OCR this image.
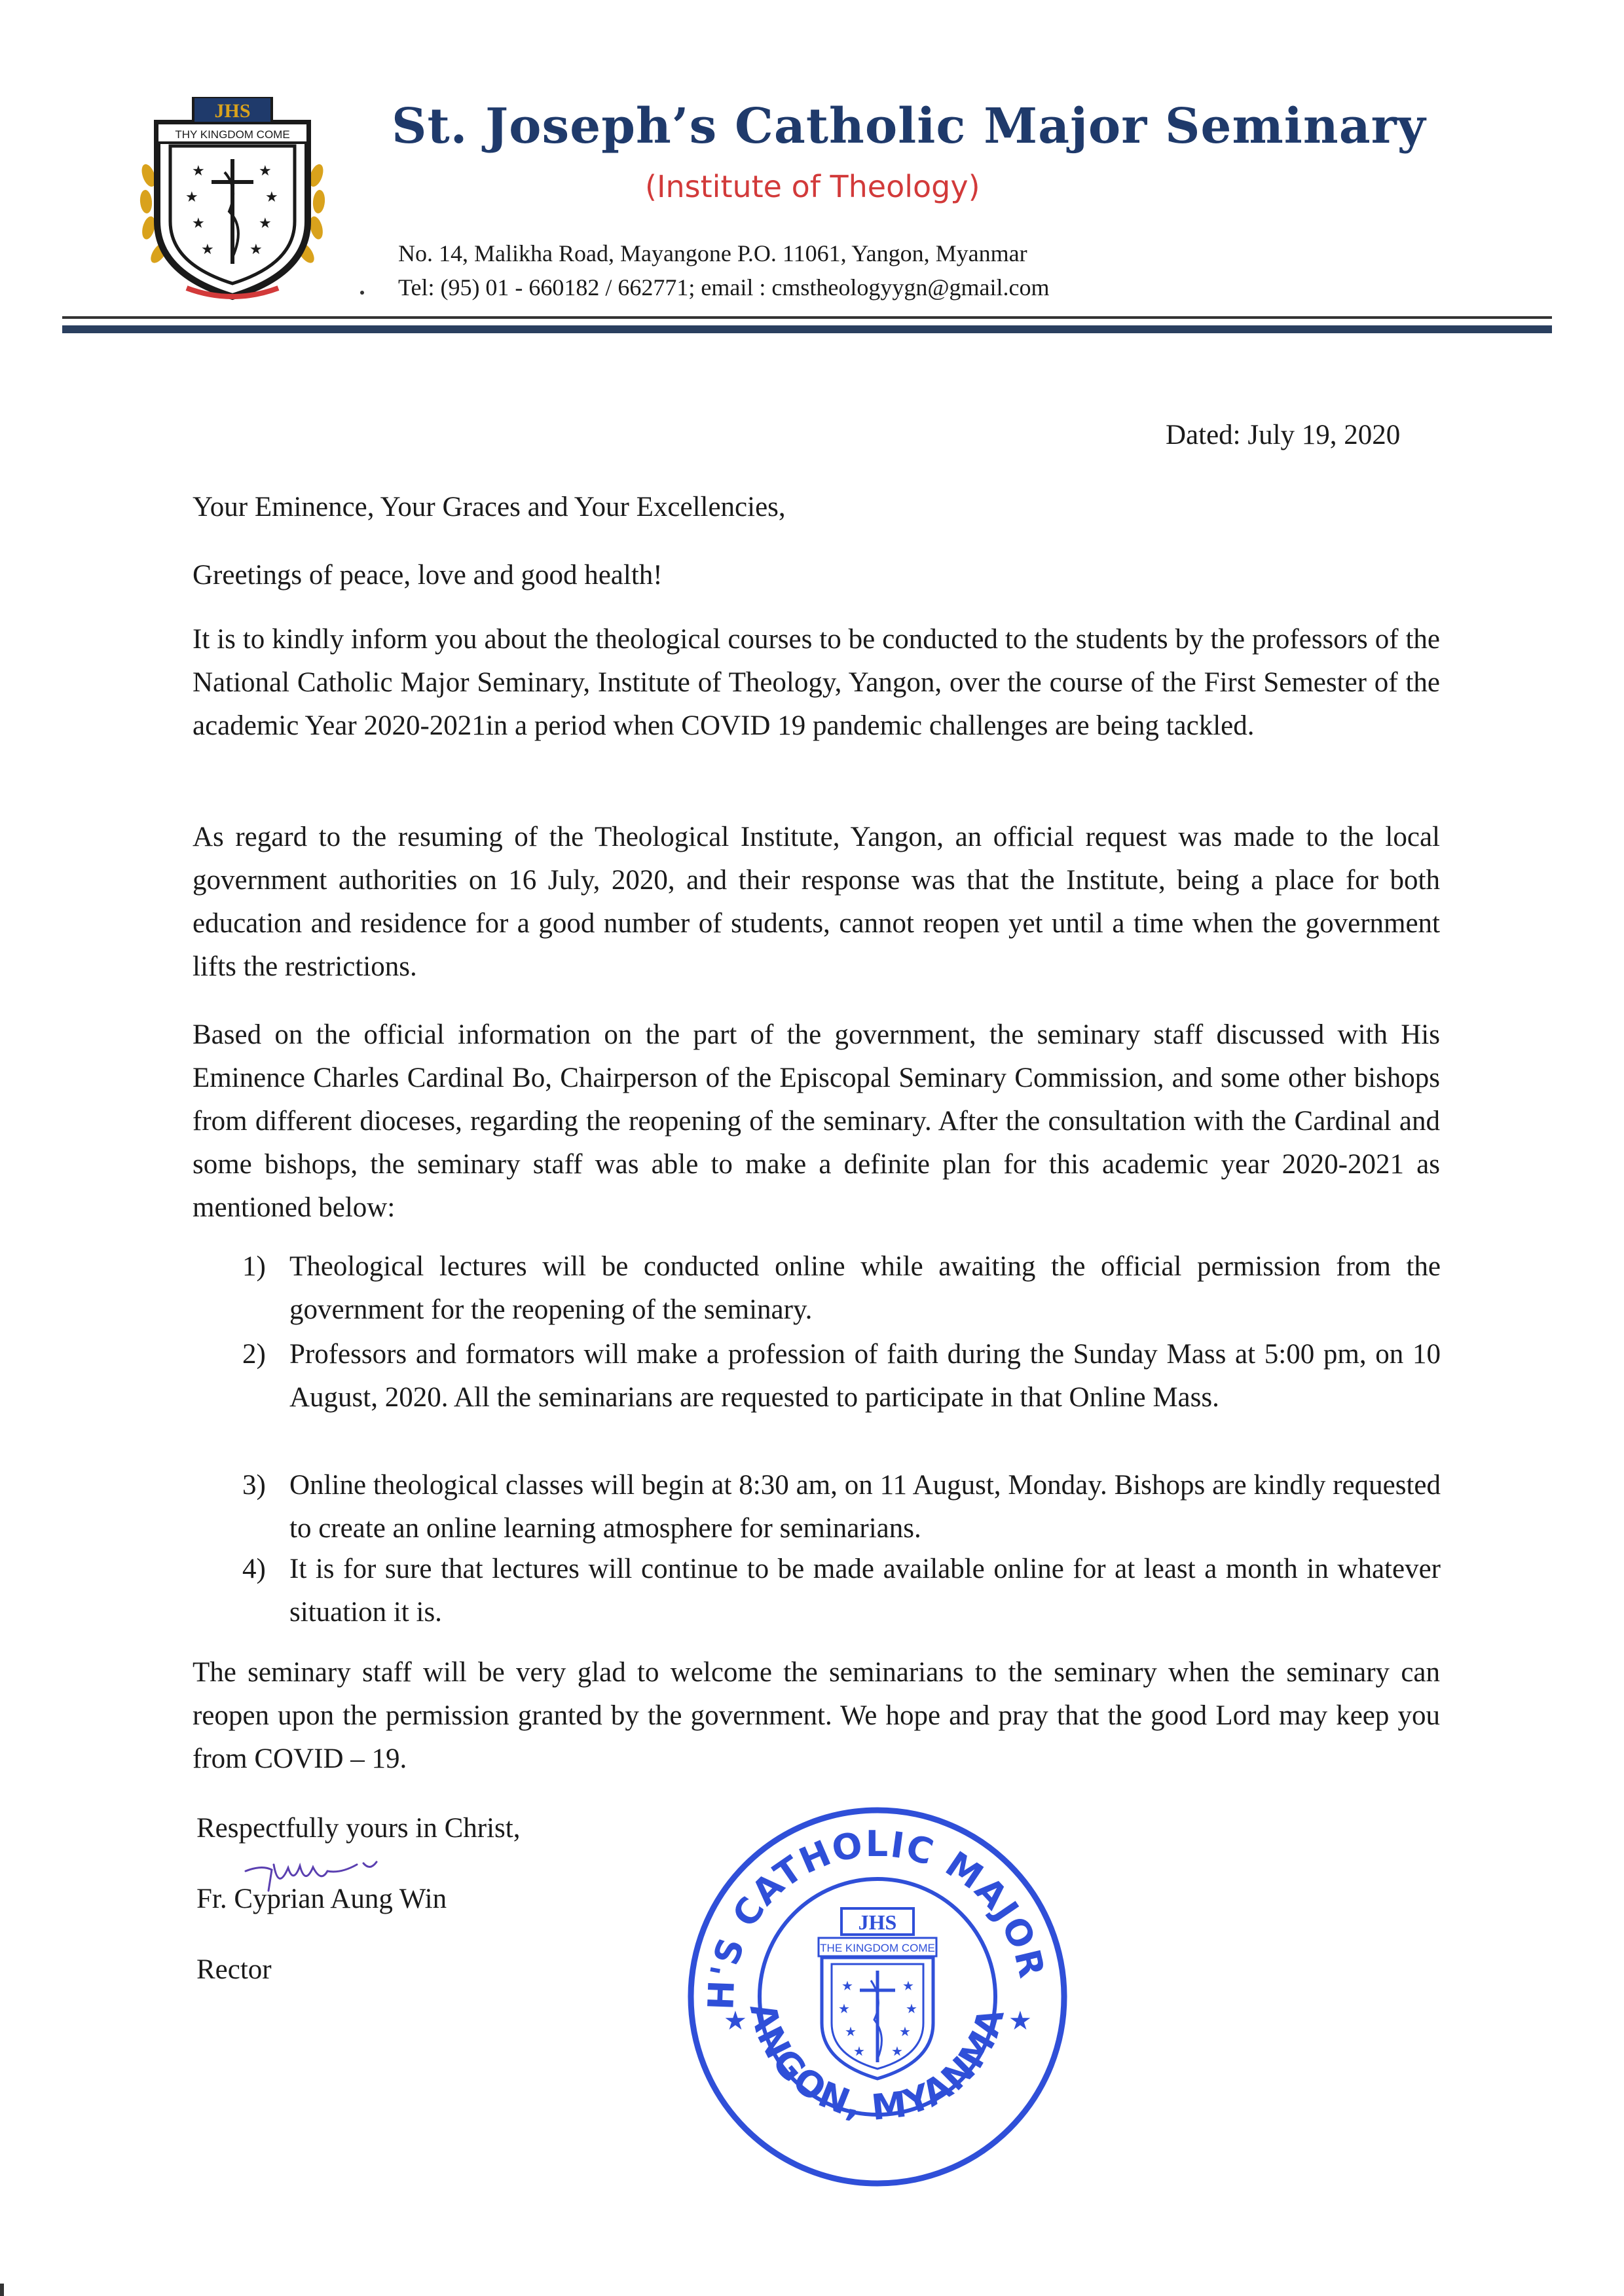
JHS
THY KINGDOM COME
★
★
★
★
★
★
★
★
St. Joseph’s Catholic Major Seminary
(Institute of Theology)
No. 14, Malikha Road, Mayangone P.O. 11061, Yangon, Myanmar
Tel: (95) 01 - 660182 / 662771; email : cmstheologyygn@gmail.com
Dated: July 19, 2020
Your Eminence, Your Graces and Your Excellencies,
Greetings of peace, love and good health!
It is to kindly inform you about the theological courses to be conducted to the students by the professors of the National Catholic Major Seminary, Institute of Theology, Yangon, over the course of the First Semester of the academic Year 2020-2021in a period when COVID 19 pandemic challenges are being tackled.
As regard to the resuming of the Theological Institute, Yangon, an official request was made to the local government authorities on 16 July, 2020, and their response was that the Institute, being a place for both education and residence for a good number of students, cannot reopen yet until a time when the government lifts the restrictions.
Based on the official information on the part of the government, the seminary staff discussed with His Eminence Charles Cardinal Bo, Chairperson of the Episcopal Seminary Commission, and some other bishops from different dioceses, regarding the reopening of the seminary. After the consultation with the Cardinal and some bishops, the seminary staff was able to make a definite plan for this academic year 2020-2021 as mentioned below:
1) Theological lectures will be conducted online while awaiting the official permission from the government for the reopening of the seminary.
2) Professors and formators will make a profession of faith during the Sunday Mass at 5:00 pm, on 10 August, 2020. All the seminarians are requested to participate in that Online Mass.
3) Online theological classes will begin at 8:30 am, on 11 August, Monday. Bishops are kindly requested to create an online learning atmosphere for seminarians.
4) It is for sure that lectures will continue to be made available online for at least a month in whatever situation it is.
The seminary staff will be very glad to welcome the seminarians to the seminary when the seminary can reopen upon the permission granted by the government. We hope and pray that the good Lord may keep you from COVID – 19.
Respectfully yours in Christ,
Fr. Cyprian Aung Win
Rector
H'S CATHOLIC MAJOR
ANGON, MYANMA
★	★
JHS
THE KINGDOM COME
★
★
★
★
★
★
★
★
